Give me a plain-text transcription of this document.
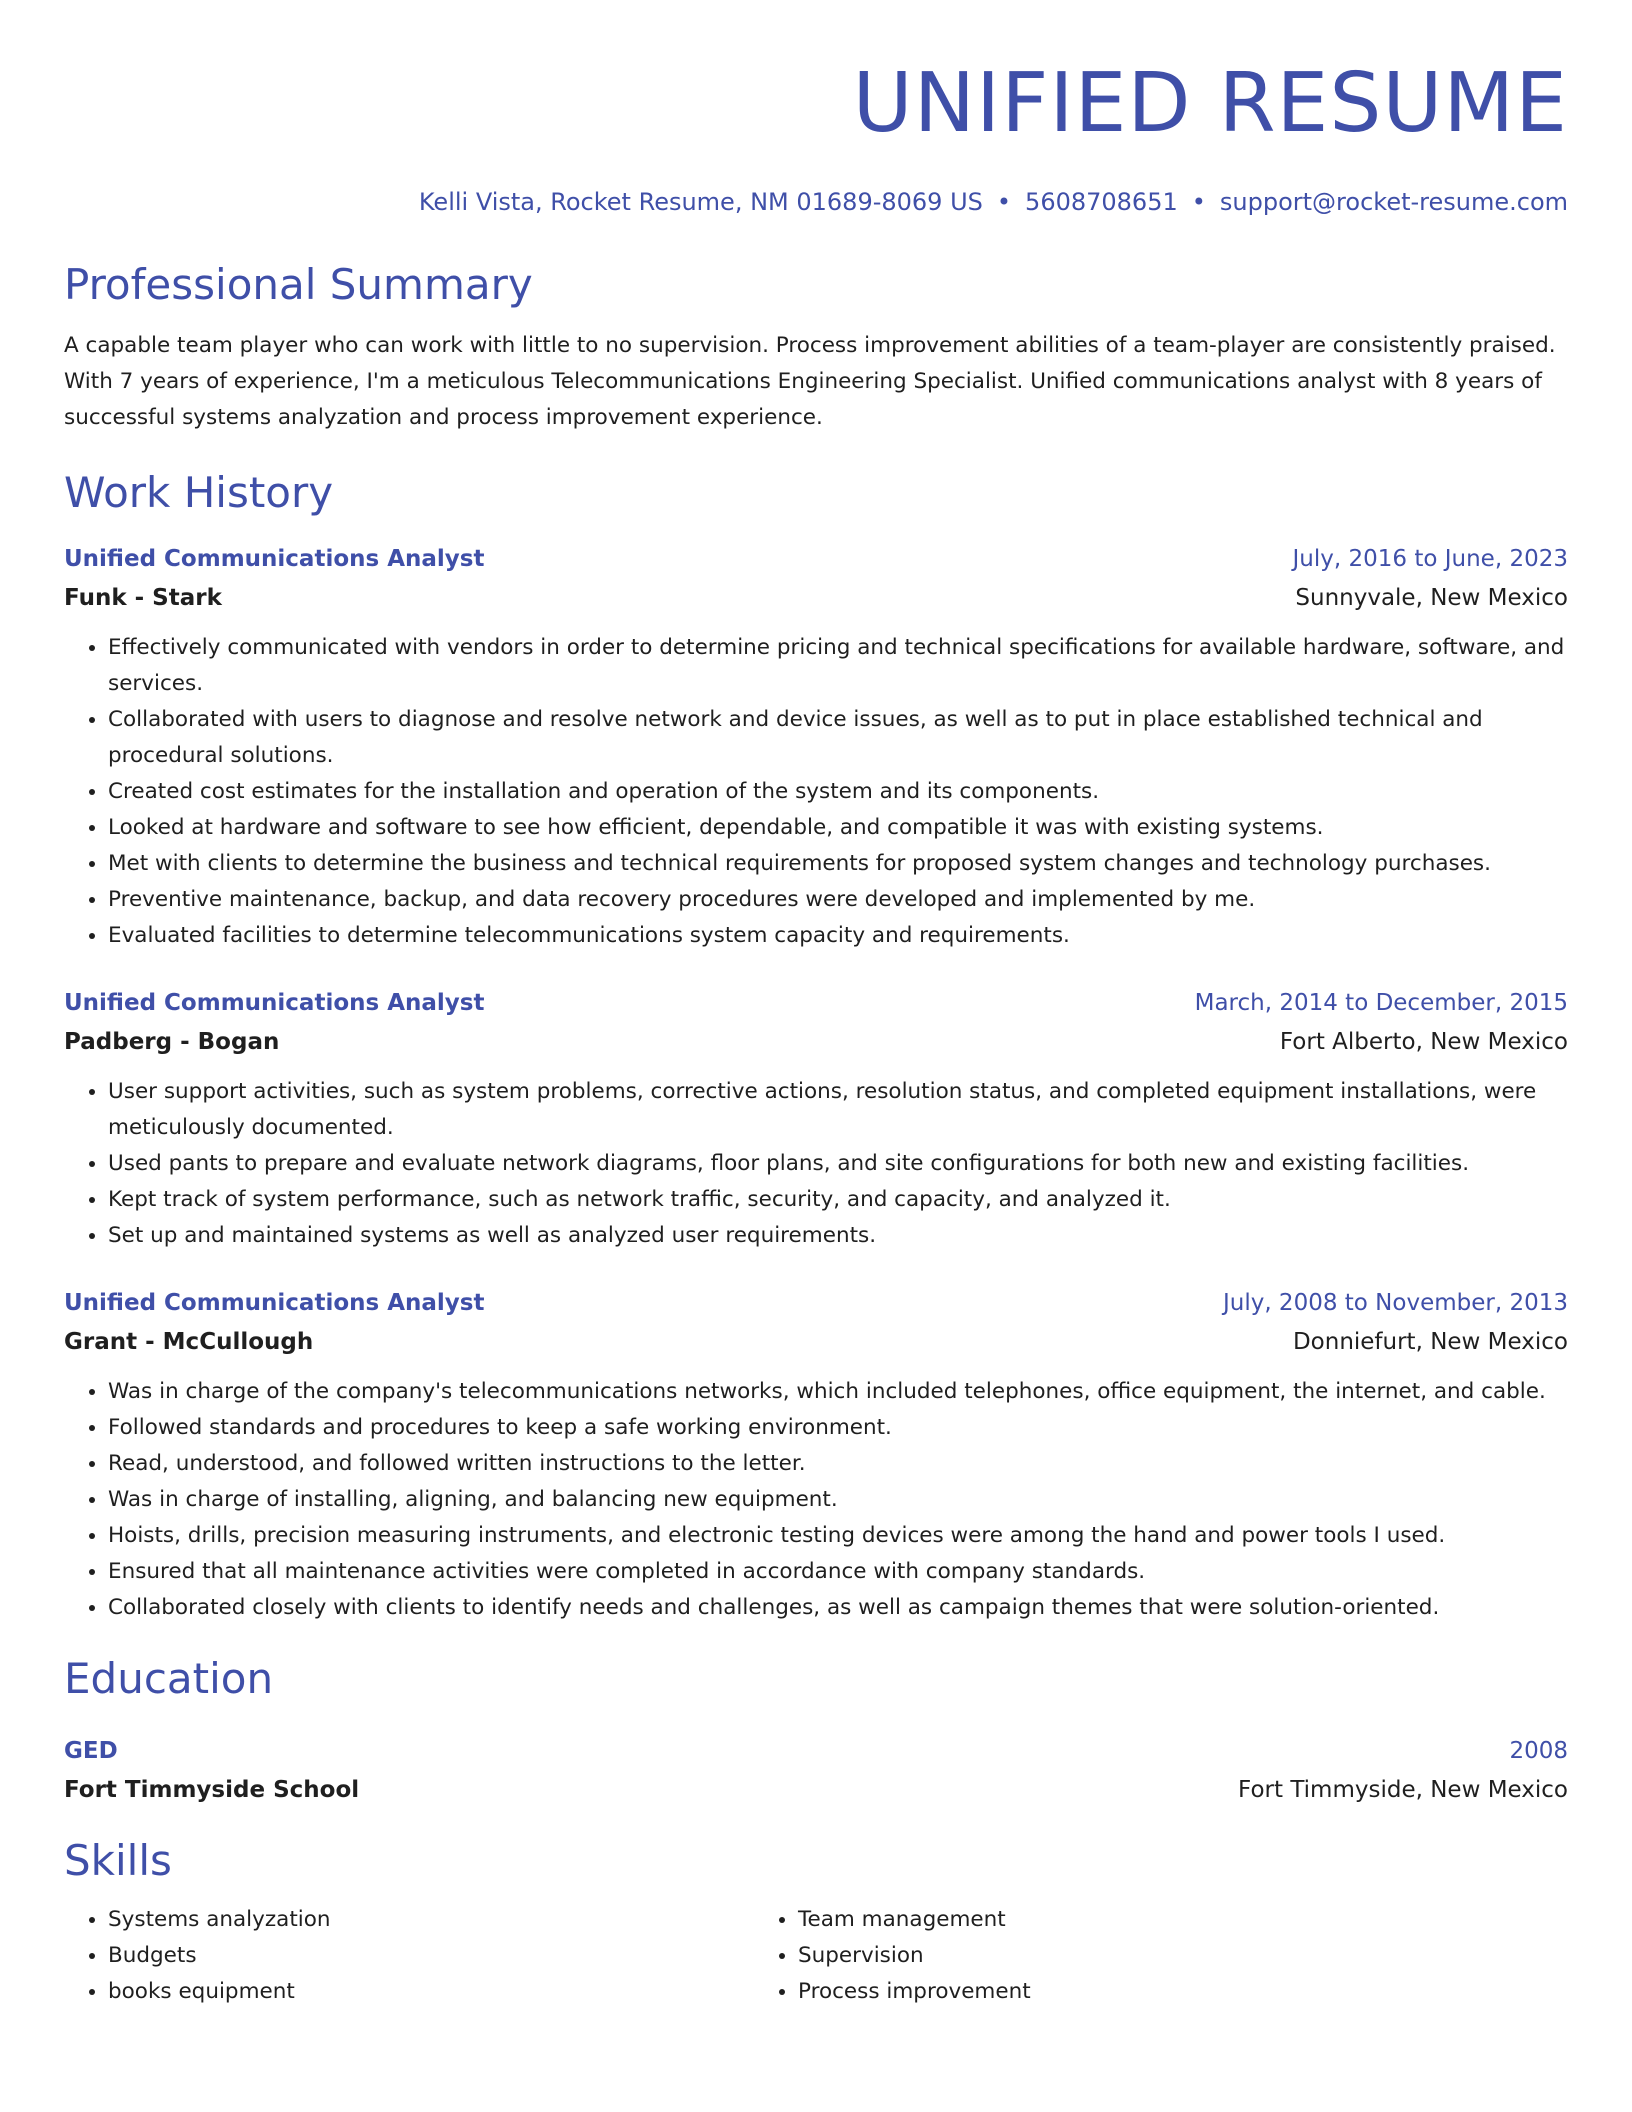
UNIFIED RESUME
Kelli Vista, Rocket Resume, NM 01689-8069 US • 5608708651 • support@rocket-resume.com
Professional Summary
A capable team player who can work with little to no supervision. Process improvement abilities of a team-player are consistently praised. With 7 years of experience, I'm a meticulous Telecommunications Engineering Specialist. Unified communications analyst with 8 years of successful systems analyzation and process improvement experience.
Work History
Unified Communications Analyst	July, 2016 to June, 2023
Funk - Stark	Sunnyvale, New Mexico
• Effectively communicated with vendors in order to determine pricing and technical specifications for available hardware, software, and services.
• Collaborated with users to diagnose and resolve network and device issues, as well as to put in place established technical and procedural solutions.
• Created cost estimates for the installation and operation of the system and its components.
• Looked at hardware and software to see how efficient, dependable, and compatible it was with existing systems.
• Met with clients to determine the business and technical requirements for proposed system changes and technology purchases.
• Preventive maintenance, backup, and data recovery procedures were developed and implemented by me.
• Evaluated facilities to determine telecommunications system capacity and requirements.
Unified Communications Analyst	March, 2014 to December, 2015
Padberg - Bogan	Fort Alberto, New Mexico
• User support activities, such as system problems, corrective actions, resolution status, and completed equipment installations, were meticulously documented.
• Used pants to prepare and evaluate network diagrams, floor plans, and site configurations for both new and existing facilities.
• Kept track of system performance, such as network traffic, security, and capacity, and analyzed it.
• Set up and maintained systems as well as analyzed user requirements.
Unified Communications Analyst	July, 2008 to November, 2013
Grant - McCullough	Donniefurt, New Mexico
• Was in charge of the company's telecommunications networks, which included telephones, office equipment, the internet, and cable.
• Followed standards and procedures to keep a safe working environment.
• Read, understood, and followed written instructions to the letter.
• Was in charge of installing, aligning, and balancing new equipment.
• Hoists, drills, precision measuring instruments, and electronic testing devices were among the hand and power tools I used.
• Ensured that all maintenance activities were completed in accordance with company standards.
• Collaborated closely with clients to identify needs and challenges, as well as campaign themes that were solution-oriented.
Education
GED	2008
Fort Timmyside School	Fort Timmyside, New Mexico
Skills
• Systems analyzation
• Budgets
• books equipment
• Team management
• Supervision
• Process improvement
